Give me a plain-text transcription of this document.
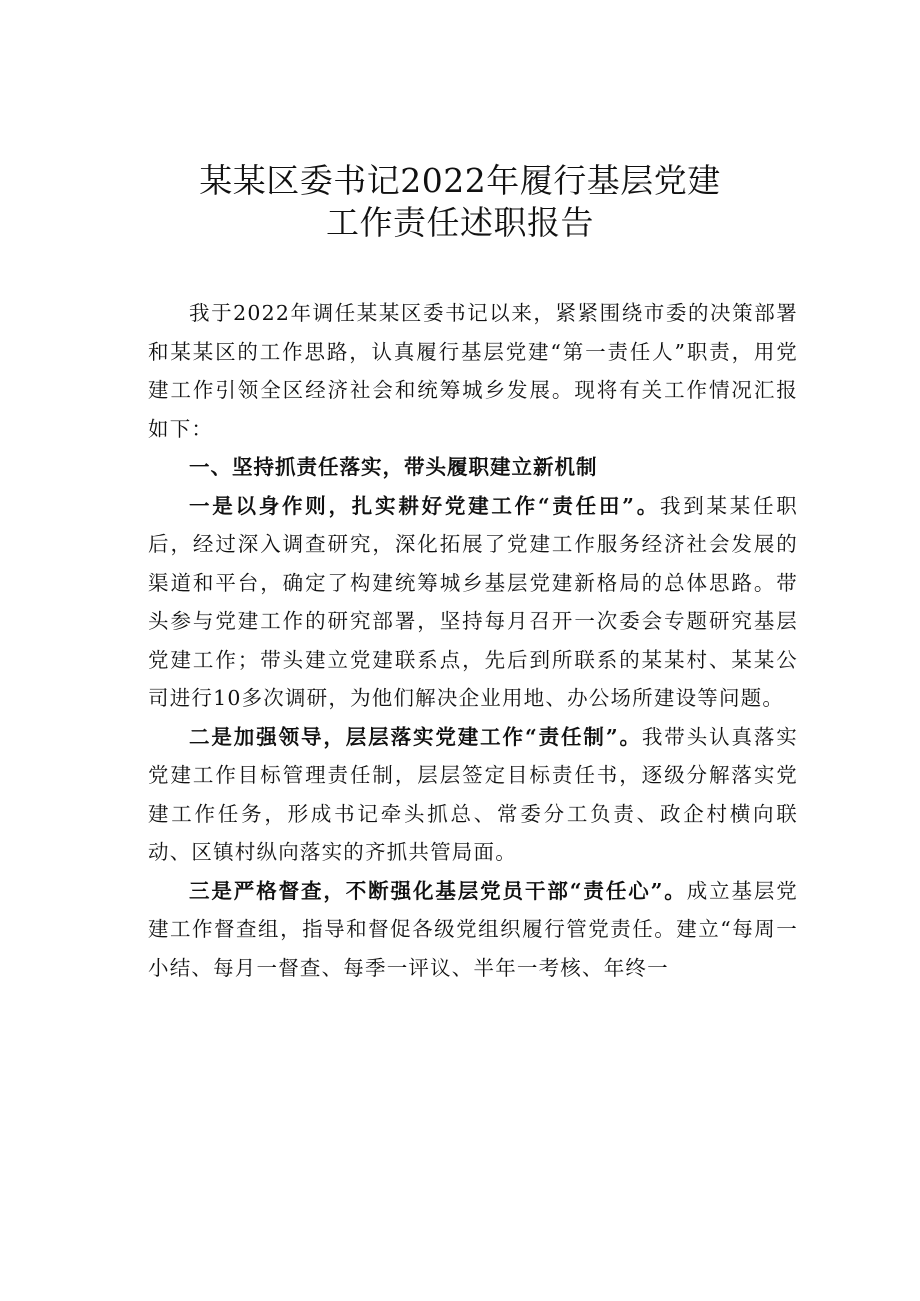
某某区委书记2022年履行基层党建
工作责任述职报告

我于2022年调任某某区委书记以来，紧紧围绕市委的决策部署和某某区的工作思路，认真履行基层党建“第一责任人”职责，用党建工作引领全区经济社会和统筹城乡发展。现将有关工作情况汇报如下：

一、坚持抓责任落实，带头履职建立新机制

一是以身作则，扎实耕好党建工作“责任田”。我到某某任职后，经过深入调查研究，深化拓展了党建工作服务经济社会发展的渠道和平台，确定了构建统筹城乡基层党建新格局的总体思路。带头参与党建工作的研究部署，坚持每月召开一次委会专题研究基层党建工作；带头建立党建联系点，先后到所联系的某某村、某某公司进行10多次调研，为他们解决企业用地、办公场所建设等问题。

二是加强领导，层层落实党建工作“责任制”。我带头认真落实党建工作目标管理责任制，层层签定目标责任书，逐级分解落实党建工作任务，形成书记牵头抓总、常委分工负责、政企村横向联动、区镇村纵向落实的齐抓共管局面。

三是严格督查，不断强化基层党员干部“责任心”。成立基层党建工作督查组，指导和督促各级党组织履行管党责任。建立“每周一小结、每月一督查、每季一评议、半年一考核、年终一
